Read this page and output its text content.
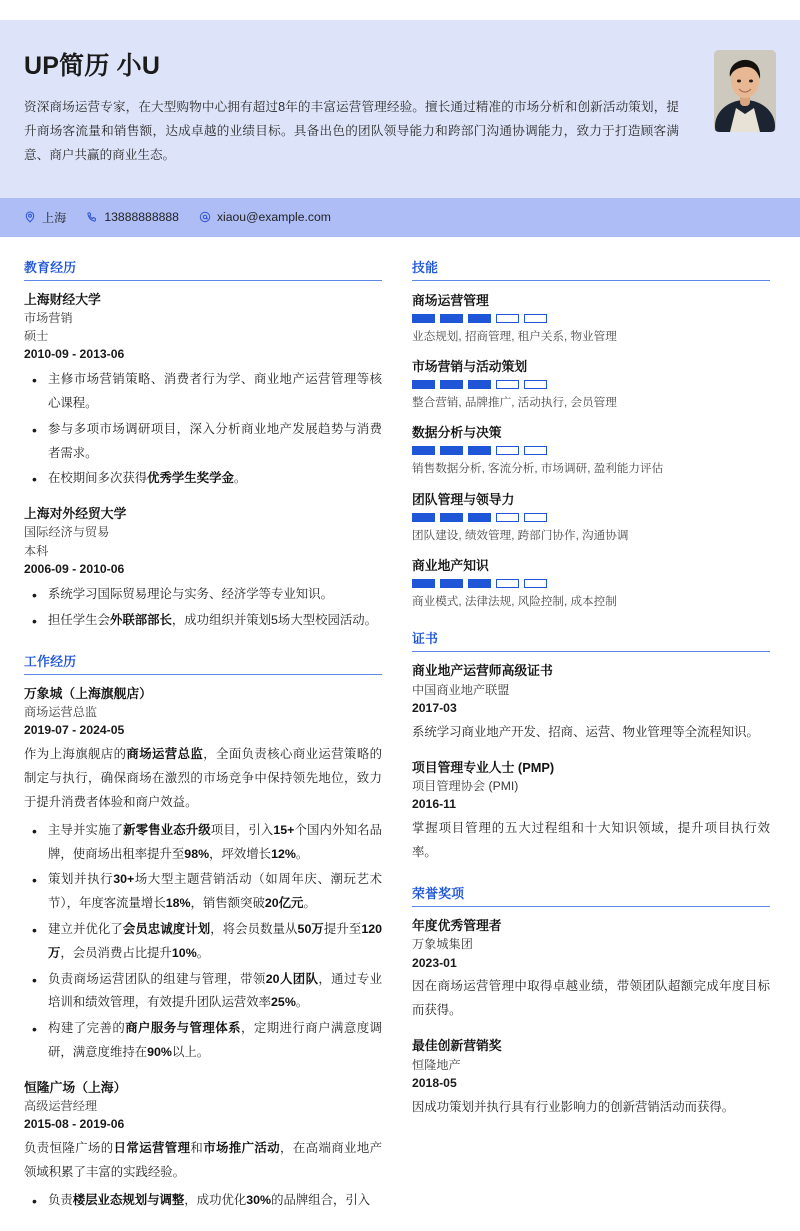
UP简历 小U
资深商场运营专家，在大型购物中心拥有超过8年的丰富运营管理经验。擅长通过精准的市场分析和创新活动策划，提升商场客流量和销售额，达成卓越的业绩目标。具备出色的团队领导能力和跨部门沟通协调能力，致力于打造顾客满意、商户共赢的商业生态。
上海	13888888888	xiaou@example.com
教育经历
上海财经大学
市场营销
硕士
2010-09 - 2013-06
• 主修市场营销策略、消费者行为学、商业地产运营管理等核心课程。
• 参与多项市场调研项目，深入分析商业地产发展趋势与消费者需求。
• 在校期间多次获得优秀学生奖学金。
上海对外经贸大学
国际经济与贸易
本科
2006-09 - 2010-06
• 系统学习国际贸易理论与实务、经济学等专业知识。
• 担任学生会外联部部长，成功组织并策划5场大型校园活动。
工作经历
万象城（上海旗舰店）
商场运营总监
2019-07 - 2024-05
作为上海旗舰店的商场运营总监，全面负责核心商业运营策略的制定与执行，确保商场在激烈的市场竞争中保持领先地位，致力于提升消费者体验和商户效益。
• 主导并实施了新零售业态升级项目，引入15+个国内外知名品牌，使商场出租率提升至98%，坪效增长12%。
• 策划并执行30+场大型主题营销活动（如周年庆、潮玩艺术节），年度客流量增长18%，销售额突破20亿元。
• 建立并优化了会员忠诚度计划，将会员数量从50万提升至120万，会员消费占比提升10%。
• 负责商场运营团队的组建与管理，带领20人团队，通过专业培训和绩效管理，有效提升团队运营效率25%。
• 构建了完善的商户服务与管理体系，定期进行商户满意度调研，满意度维持在90%以上。
恒隆广场（上海）
高级运营经理
2015-08 - 2019-06
负责恒隆广场的日常运营管理和市场推广活动，在高端商业地产领域积累了丰富的实践经验。
• 负责楼层业态规划与调整，成功优化30%的品牌组合，引入
技能
商场运营管理
业态规划, 招商管理, 租户关系, 物业管理
市场营销与活动策划
整合营销, 品牌推广, 活动执行, 会员管理
数据分析与决策
销售数据分析, 客流分析, 市场调研, 盈利能力评估
团队管理与领导力
团队建设, 绩效管理, 跨部门协作, 沟通协调
商业地产知识
商业模式, 法律法规, 风险控制, 成本控制
证书
商业地产运营师高级证书
中国商业地产联盟
2017-03
系统学习商业地产开发、招商、运营、物业管理等全流程知识。
项目管理专业人士 (PMP)
项目管理协会 (PMI)
2016-11
掌握项目管理的五大过程组和十大知识领域，提升项目执行效率。
荣誉奖项
年度优秀管理者
万象城集团
2023-01
因在商场运营管理中取得卓越业绩，带领团队超额完成年度目标而获得。
最佳创新营销奖
恒隆地产
2018-05
因成功策划并执行具有行业影响力的创新营销活动而获得。
